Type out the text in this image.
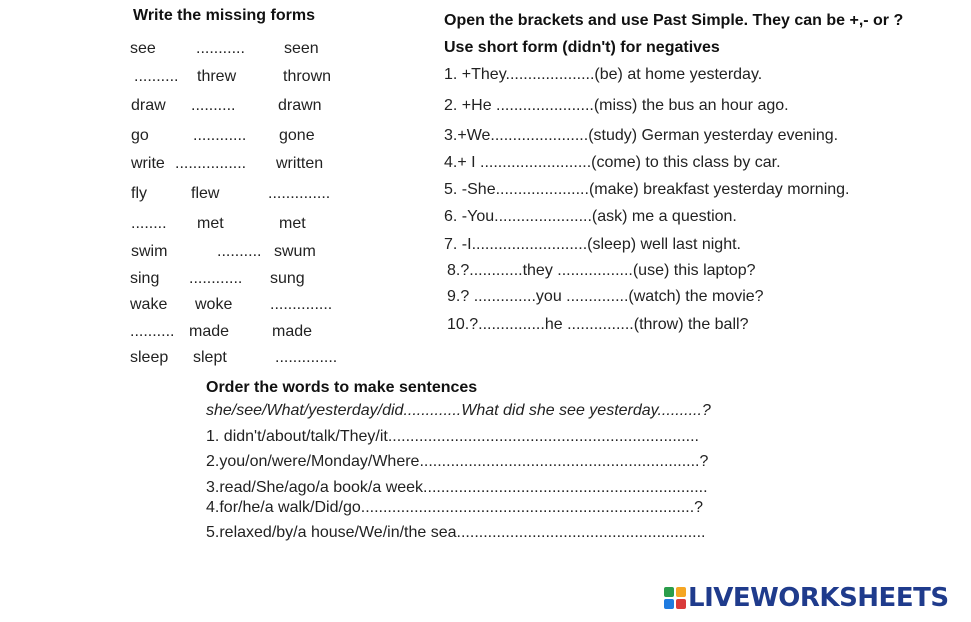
Write the missing forms
see	........... seen
.......... threw	thrown
draw ..........	drawn
go	............ gone
write ................ written
fly	flew	..............
........ met	met
swim	.......... swum
sing ............ sung
wake woke ..............
.......... made	made
sleep slept	..............
Open the brackets and use Past Simple. They can be +,- or ?
Use short form (didn't) for negatives
1. +They....................(be) at home yesterday.
2. +He ......................(miss) the bus an hour ago.
3.+We......................(study) German yesterday evening.
4.+ I .........................(come) to this class by car.
5. -She.....................(make) breakfast yesterday morning.
6. -You......................(ask) me a question.
7. -I..........................(sleep) well last night.
8.?............they .................(use) this laptop?
9.? ..............you ..............(watch) the movie?
10.?...............he ...............(throw) the ball?
Order the words to make sentences
she/see/What/yesterday/did.............What did she see yesterday..........?
1. didn't/about/talk/They/it......................................................................
2.you/on/were/Monday/Where...............................................................?
3.read/She/ago/a book/a week................................................................
4.for/he/a walk/Did/go...........................................................................?
5.relaxed/by/a house/We/in/the sea........................................................
LIVEWORKSHEETS
